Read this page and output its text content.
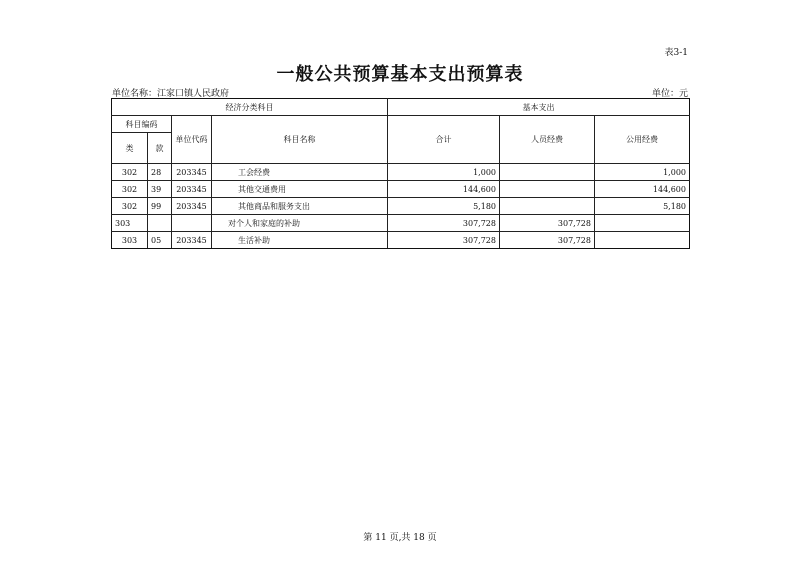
表3-1
一般公共预算基本支出预算表
单位名称：江家口镇人民政府	单位：元
经济分类科目				基本支出		
科目编码		单位代码	科目名称	合计	人员经费	公用经费
类	款					
302	28	203345	工会经费	1,000		1,000
302	39	203345	其他交通费用	144,600		144,600
302	99	203345	其他商品和服务支出	5,180		5,180
303			对个人和家庭的补助	307,728	307,728	
303	05	203345	生活补助	307,728	307,728	
第 11 页,共 18 页
